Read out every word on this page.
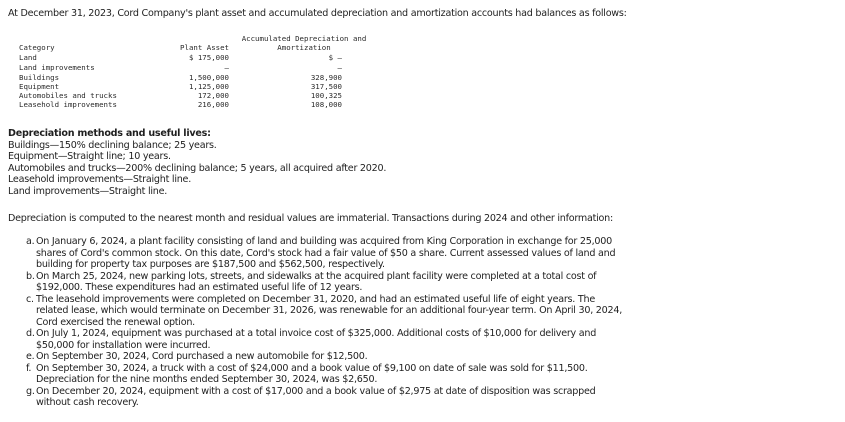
At December 31, 2023, Cord Company's plant asset and accumulated depreciation and amortization accounts had balances as follows:
Accumulated Depreciation and
Category	Plant Asset	Amortization
Land	$ 175,000	$ –
Land improvements	–	–
Buildings	1,500,000	328,900
Equipment	1,125,000	317,500
Automobiles and trucks	172,000	100,325
Leasehold improvements	216,000	108,000
Depreciation methods and useful lives:
Buildings—150% declining balance; 25 years.
Equipment—Straight line; 10 years.
Automobiles and trucks—200% declining balance; 5 years, all acquired after 2020.
Leasehold improvements—Straight line.
Land improvements—Straight line.
Depreciation is computed to the nearest month and residual values are immaterial. Transactions during 2024 and other information:
a. On January 6, 2024, a plant facility consisting of land and building was acquired from King Corporation in exchange for 25,000
shares of Cord's common stock. On this date, Cord's stock had a fair value of $50 a share. Current assessed values of land and
building for property tax purposes are $187,500 and $562,500, respectively.
b. On March 25, 2024, new parking lots, streets, and sidewalks at the acquired plant facility were completed at a total cost of
$192,000. These expenditures had an estimated useful life of 12 years.
c. The leasehold improvements were completed on December 31, 2020, and had an estimated useful life of eight years. The
related lease, which would terminate on December 31, 2026, was renewable for an additional four-year term. On April 30, 2024,
Cord exercised the renewal option.
d. On July 1, 2024, equipment was purchased at a total invoice cost of $325,000. Additional costs of $10,000 for delivery and
$50,000 for installation were incurred.
e. On September 30, 2024, Cord purchased a new automobile for $12,500.
f. On September 30, 2024, a truck with a cost of $24,000 and a book value of $9,100 on date of sale was sold for $11,500.
Depreciation for the nine months ended September 30, 2024, was $2,650.
g. On December 20, 2024, equipment with a cost of $17,000 and a book value of $2,975 at date of disposition was scrapped
without cash recovery.
